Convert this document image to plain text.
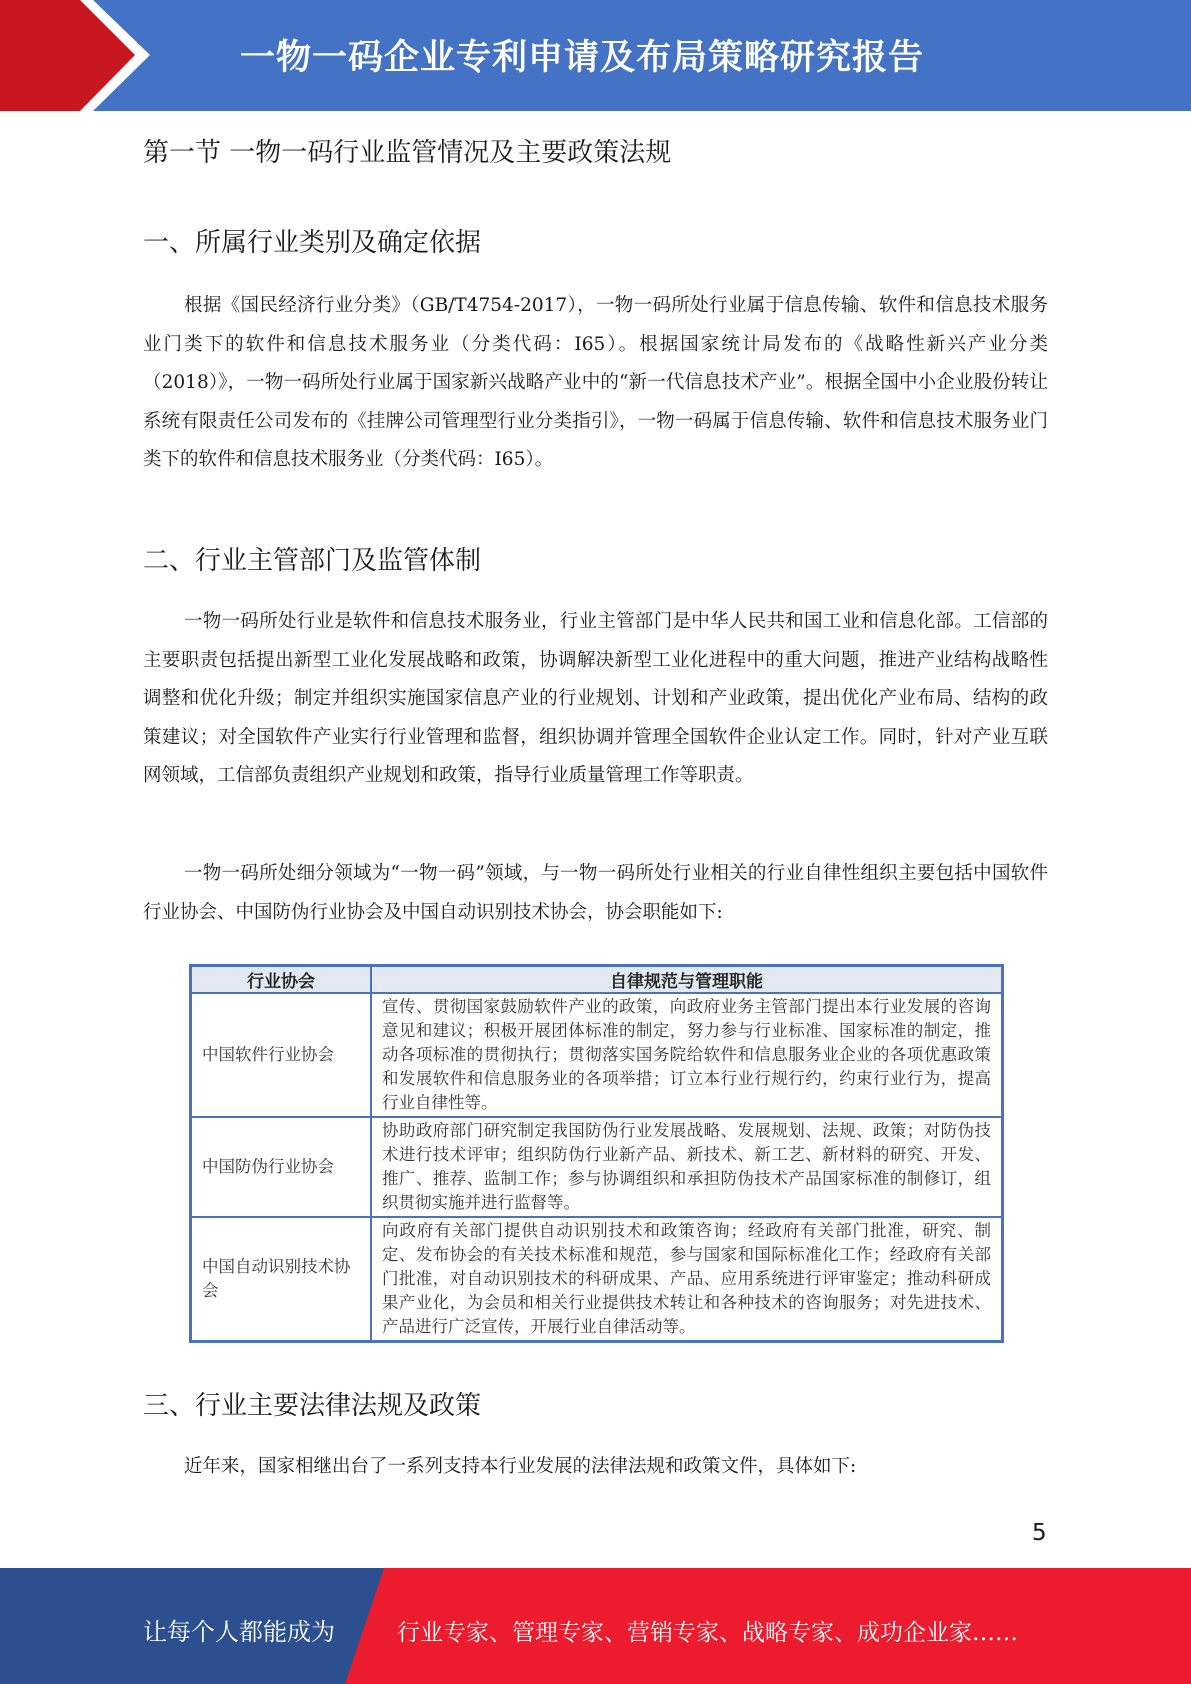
一物一码企业专利申请及布局策略研究报告
第一节 一物一码行业监管情况及主要政策法规
一、所属行业类别及确定依据

根据《国民经济行业分类》（GB/T4754-2017），一物一码所处行业属于信息传输、软件和信息技术服务业门类下的软件和信息技术服务业（分类代码：I65）。根据国家统计局发布的《战略性新兴产业分类（2018）》，一物一码所处行业属于国家新兴战略产业中的“新一代信息技术产业”。根据全国中小企业股份转让系统有限责任公司发布的《挂牌公司管理型行业分类指引》，一物一码属于信息传输、软件和信息技术服务业门类下的软件和信息技术服务业（分类代码：I65）。

二、行业主管部门及监管体制

一物一码所处行业是软件和信息技术服务业，行业主管部门是中华人民共和国工业和信息化部。工信部的主要职责包括提出新型工业化发展战略和政策，协调解决新型工业化进程中的重大问题，推进产业结构战略性调整和优化升级；制定并组织实施国家信息产业的行业规划、计划和产业政策，提出优化产业布局、结构的政策建议；对全国软件产业实行行业管理和监督，组织协调并管理全国软件企业认定工作。同时，针对产业互联网领域，工信部负责组织产业规划和政策，指导行业质量管理工作等职责。

一物一码所处细分领域为“一物一码”领域，与一物一码所处行业相关的行业自律性组织主要包括中国软件行业协会、中国防伪行业协会及中国自动识别技术协会，协会职能如下:

行业协会	自律规范与管理职能
中国软件行业协会	宣传、贯彻国家鼓励软件产业的政策，向政府业务主管部门提出本行业发展的咨询意见和建议；积极开展团体标准的制定，努力参与行业标准、国家标准的制定，推动各项标准的贯彻执行；贯彻落实国务院给软件和信息服务业企业的各项优惠政策和发展软件和信息服务业的各项举措；订立本行业行规行约，约束行业行为，提高行业自律性等。
中国防伪行业协会	协助政府部门研究制定我国防伪行业发展战略、发展规划、法规、政策；对防伪技术进行技术评审；组织防伪行业新产品、新技术、新工艺、新材料的研究、开发、推广、推荐、监制工作；参与协调组织和承担防伪技术产品国家标准的制修订，组织贯彻实施并进行监督等。
中国自动识别技术协会	向政府有关部门提供自动识别技术和政策咨询；经政府有关部门批准，研究、制定、发布协会的有关技术标准和规范，参与国家和国际标准化工作；经政府有关部门批准，对自动识别技术的科研成果、产品、应用系统进行评审鉴定；推动科研成果产业化，为会员和相关行业提供技术转让和各种技术的咨询服务；对先进技术、产品进行广泛宣传，开展行业自律活动等。
三、行业主要法律法规及政策

近年来，国家相继出台了一系列支持本行业发展的法律法规和政策文件，具体如下:

5
让每个人都能成为	行业专家、管理专家、营销专家、战略专家、成功企业家……
